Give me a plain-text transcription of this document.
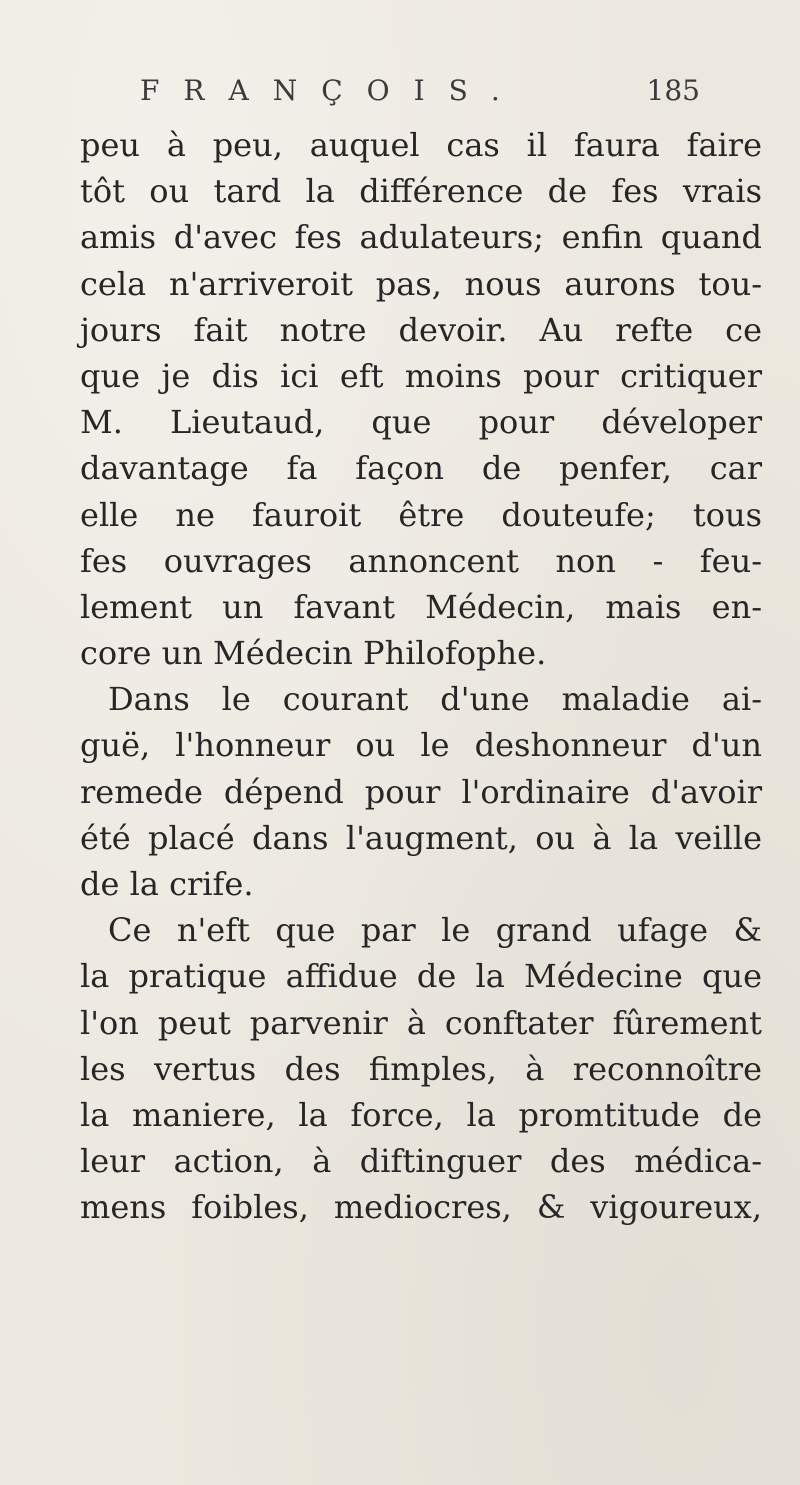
FRANÇOIS.	185
peu à peu, auquel cas il faura faire
tôt ou tard la différence de fes vrais
amis d'avec fes adulateurs; enfin quand
cela n'arriveroit pas, nous aurons tou-
jours fait notre devoir. Au refte ce
que je dis ici eft moins pour critiquer
M. Lieutaud, que pour déveloper
davantage fa façon de penfer, car
elle ne fauroit être douteufe; tous
fes ouvrages annoncent non - feu-
lement un favant Médecin, mais en-
core un Médecin Philofophe.
Dans le courant d'une maladie ai-
guë, l'honneur ou le deshonneur d'un
remede dépend pour l'ordinaire d'avoir
été placé dans l'augment, ou à la veille
de la crife.
Ce n'eft que par le grand ufage &
la pratique affidue de la Médecine que
l'on peut parvenir à conftater fûrement
les vertus des fimples, à reconnoître
la maniere, la force, la promtitude de
leur action, à diftinguer des médica-
mens foibles, mediocres, & vigoureux,
